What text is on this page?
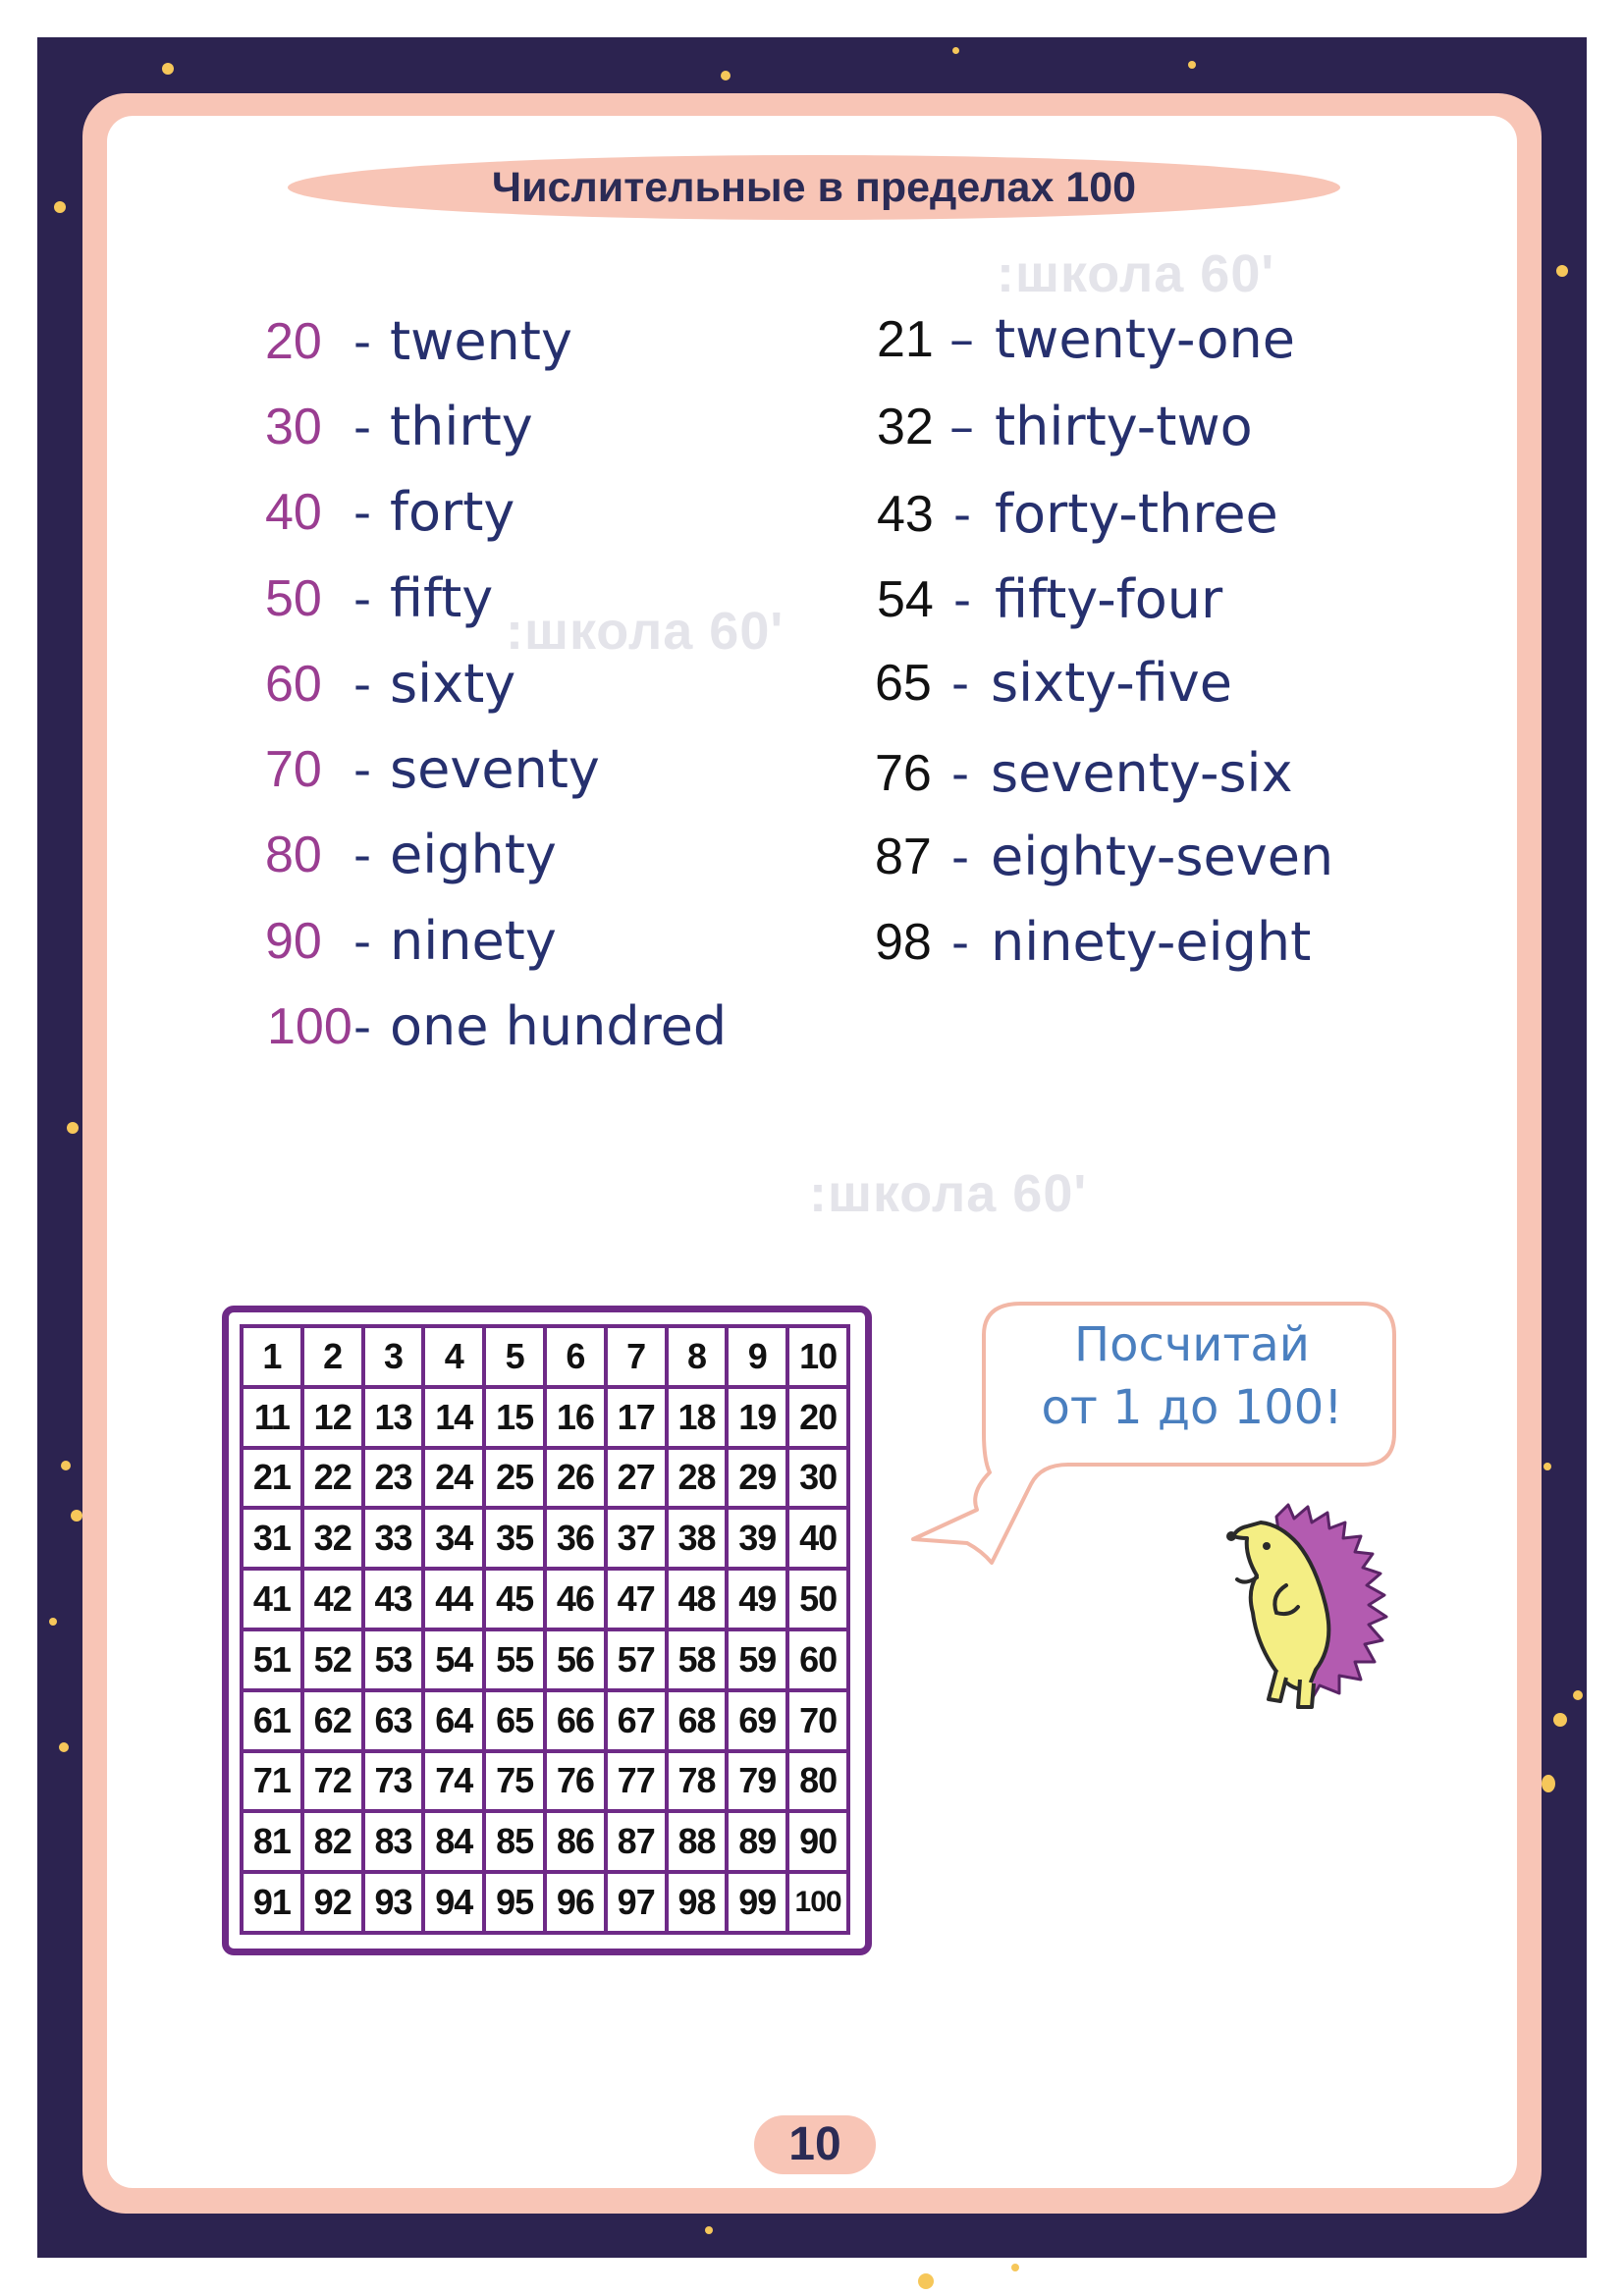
Числительные в пределах 100
:школа 60'
:школа 60'
:школа 60'
20 - twenty
30 - thirty
40 - forty
50 - fifty
60 - sixty
70 - seventy
80 - eighty
90 - ninety
100 - one hundred
21 – twenty-one
32 – thirty-two
43 - forty-three
54 - fifty-four
65 - sixty-five
76 - seventy-six
87 - eighty-seven
98 - ninety-eight
1	2	3	4	5	6	7	8	9 10
11 12 13 14 15 16 17 18 19 20
21 22 23 24 25 26 27 28 29 30
31 32 33 34 35 36 37 38 39 40
41 42 43 44 45 46 47 48 49 50
51 52 53 54 55 56 57 58 59 60
61 62 63 64 65 66 67 68 69 70
71 72 73 74 75 76 77 78 79 80
81 82 83 84 85 86 87 88 89 90
91 92 93 94 95 96 97 98 99 100
Посчитай
от 1 до 100!
10
